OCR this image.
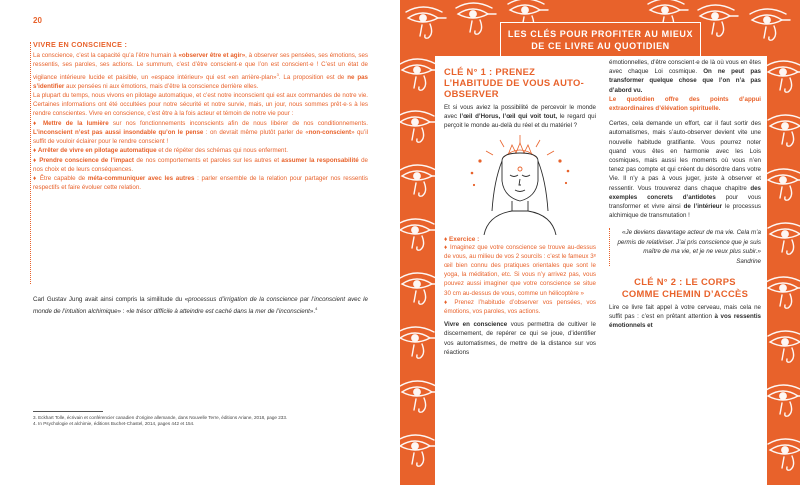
20
VIVRE EN CONSCIENCE :

La conscience, c’est la capacité qu’a l’être humain à «observer être et agir», à observer ses pensées, ses émotions, ses ressentis, ses paroles, ses actions. Le summum, c’est d’être conscient·e que l’on est conscient·e ! C’est un état de vigilance intérieure lucide et paisible, un «espace intérieur» qui est «en arrière-plan»$^3$. La proposition est de ne pas s’identifier aux pensées ni aux émotions, mais d’être la conscience derrière elles.

La plupart du temps, nous vivons en pilotage automatique, et c’est notre inconscient qui est aux commandes de notre vie. Certaines informations ont été occultées pour notre sécurité et notre survie, mais, un jour, nous sommes prêt·e·s à les rendre conscientes. Vivre en conscience, c’est être à la fois acteur et témoin de notre vie pour :

♦ Mettre de la lumière sur nos fonctionnements inconscients afin de nous libérer de nos conditionnements. L’inconscient n’est pas aussi insondable qu’on le pense : on devrait même plutôt parler de «non-conscient» qu’il suffit de vouloir éclairer pour le rendre conscient !

♦ Arrêter de vivre en pilotage automatique et de répéter des schémas qui nous enferment.

♦ Prendre conscience de l’impact de nos comportements et paroles sur les autres et assumer la responsabilité de nos choix et de leurs conséquences.

♦ Être capable de méta-communiquer avec les autres : parler ensemble de la relation pour partager nos ressentis respectifs et faire évoluer cette relation.

Carl Gustav Jung avait ainsi compris la similitude du «processus d’irrigation de la conscience par l’inconscient avec le monde de l’intuition alchimique» : «le trésor difficile à atteindre est caché dans la mer de l’inconscient».$^4$
3. Eckhart Tolle, écrivain et conférencier canadien d’origine allemande, dans Nouvelle Terre, éditions Ariane, 2018, page 233.
4. In Psychologie et alchimie, éditions Buchet-Chastel, 2014, pages 442 et 154.
LES CLÉS POUR PROFITER AU MIEUX
DE CE LIVRE AU QUOTIDIEN
CLÉ N° 1 : PRENEZ L’HABITUDE DE VOUS AUTO-OBSERVER
Et si vous aviez la possibilité de percevoir le monde avec l’œil d’Horus, l’œil qui voit tout, le regard qui perçoit le monde au-delà du réel et du matériel ?
♦ Exercice :
♦ Imaginez que votre conscience se trouve au-dessus de vous, au milieu de vos 2 sourcils : c’est le fameux 3ᵉ œil bien connu des pratiques orientales que sont le yoga, la méditation, etc. Si vous n’y arrivez pas, vous pouvez aussi imaginer que votre conscience se situe 30 cm au-dessus de vous, comme un hélicoptère »
♦ Prenez l’habitude d’observer vos pensées, vos émotions, vos paroles, vos actions.
Vivre en conscience vous permettra de cultiver le discernement, de repérer ce qui se joue, d’identifier vos automatismes, de mettre de la distance sur vos réactions
émotionnelles, d’être conscient·e de là où vous en êtes avec chaque Loi cosmique. On ne peut pas transformer quelque chose que l’on n’a pas d’abord vu.
Le quotidien offre des points d’appui extraordinaires d’élévation spirituelle.
Certes, cela demande un effort, car il faut sortir des automatismes, mais s’auto-observer devient vite une nouvelle habitude gratifiante. Vous pourrez noter quand vous êtes en harmonie avec les Lois cosmiques, mais aussi les moments où vous n’en tenez pas compte et qui créent du désordre dans votre Vie. Il n’y a pas à vous juger, juste à observer et ressentir. Vous trouverez dans chaque chapitre des exemples concrets d’antidotes pour vous transformer et vivre ainsi de l’intérieur le processus alchimique de transmutation !
«Je deviens davantage acteur de ma vie. Cela m’a permis de relativiser. J’ai pris conscience que je suis maître de ma vie, et je ne veux plus subir.»
Sandrine
CLÉ N° 2 : LE CORPS
COMME CHEMIN D’ACCÈS
Lire ce livre fait appel à votre cerveau, mais cela ne suffit pas : c’est en prêtant attention à vos ressentis émotionnels et
